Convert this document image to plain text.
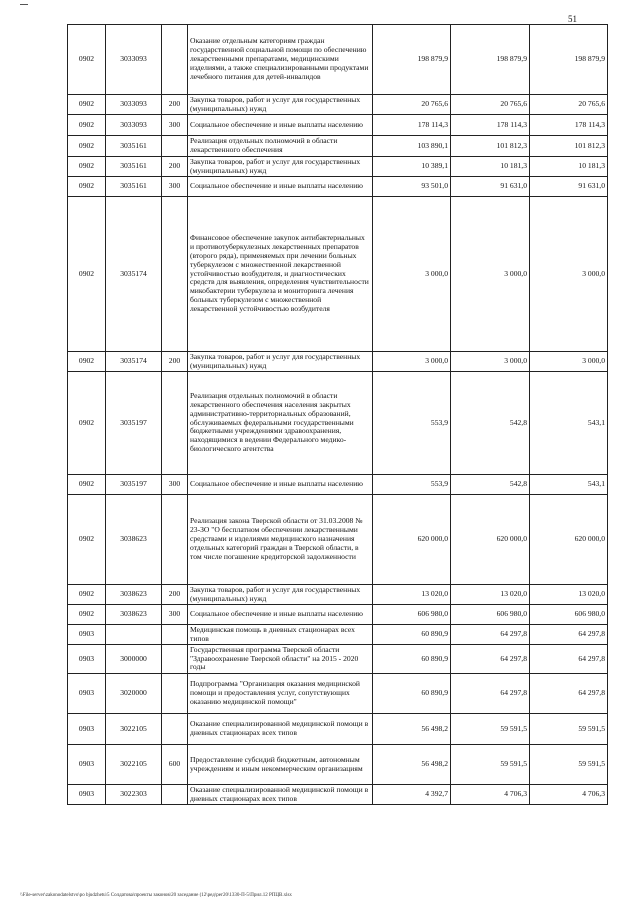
51
0902	3033093		Оказание отдельным категориям граждан государственной социальной помощи по обеспечению лекарственными препаратами, медицинскими изделиями, а также специализированными продуктами лечебного питания для детей-инвалидов	198 879,9	198 879,9	198 879,9
0902	3033093	200	Закупка товаров, работ и услуг для государственных (муниципальных) нужд	20 765,6	20 765,6	20 765,6
0902	3033093	300	Социальное обеспечение и иные выплаты населению	178 114,3	178 114,3	178 114,3
0902	3035161		Реализация отдельных полномочий в области лекарственного обеспечения	103 890,1	101 812,3	101 812,3
0902	3035161	200	Закупка товаров, работ и услуг для государственных (муниципальных) нужд	10 389,1	10 181,3	10 181,3
0902	3035161	300	Социальное обеспечение и иные выплаты населению	93 501,0	91 631,0	91 631,0
0902	3035174		Финансовое обеспечение закупок антибактериальных и противотуберкулезных лекарственных препаратов (второго ряда), применяемых при лечении больных туберкулезом с множественной лекарственной устойчивостью возбудителя, и диагностических средств для выявления, определения чувствительности микобактерии туберкулеза и мониторинга лечения больных туберкулезом с множественной лекарственной устойчивостью возбудителя	3 000,0	3 000,0	3 000,0
0902	3035174	200	Закупка товаров, работ и услуг для государственных (муниципальных) нужд	3 000,0	3 000,0	3 000,0
0902	3035197		Реализация отдельных полномочий в области лекарственного обеспечения населения закрытых административно-территориальных образований, обслуживаемых федеральными государственными бюджетными учреждениями здравоохранения, находящимися в ведении Федерального медико-биологического агентства	553,9	542,8	543,1
0902	3035197	300	Социальное обеспечение и иные выплаты населению	553,9	542,8	543,1
0902	3038623		Реализация закона Тверской области от 31.03.2008 № 23-ЗО "О бесплатном обеспечении лекарственными средствами и изделиями медицинского назначения отдельных категорий граждан в Тверской области, в том числе погашение кредиторской задолженности	620 000,0	620 000,0	620 000,0
0902	3038623	200	Закупка товаров, работ и услуг для государственных (муниципальных) нужд	13 020,0	13 020,0	13 020,0
0902	3038623	300	Социальное обеспечение и иные выплаты населению	606 980,0	606 980,0	606 980,0
0903			Медицинская помощь в дневных стационарах всех типов	60 890,9	64 297,8	64 297,8
0903	3000000		Государственная программа Тверской области "Здравоохранение Тверской области" на 2015 - 2020 годы	60 890,9	64 297,8	64 297,8
0903	3020000		Подпрограмма "Организация оказания медицинской помощи и предоставления услуг, сопутствующих оказанию медицинской помощи"	60 890,9	64 297,8	64 297,8
0903	3022105		Оказание специализированной медицинской помощи в дневных стационарах всех типов	56 498,2	59 591,5	59 591,5
0903	3022105	600	Предоставление субсидий бюджетным, автономным учреждениям и иным некоммерческим организациям	56 498,2	59 591,5	59 591,5
0903	3022303		Оказание специализированной медицинской помощи в дневных стационарах всех типов	4 392,7	4 706,3	4 706,3
\\File-server\zakonodatelstvo\po bjudzhetu\5 Солдатова\проекты законов\20 заседание (12\ред\рег20\1330-П-5\Прил.12 РПЦВ.xlsx
